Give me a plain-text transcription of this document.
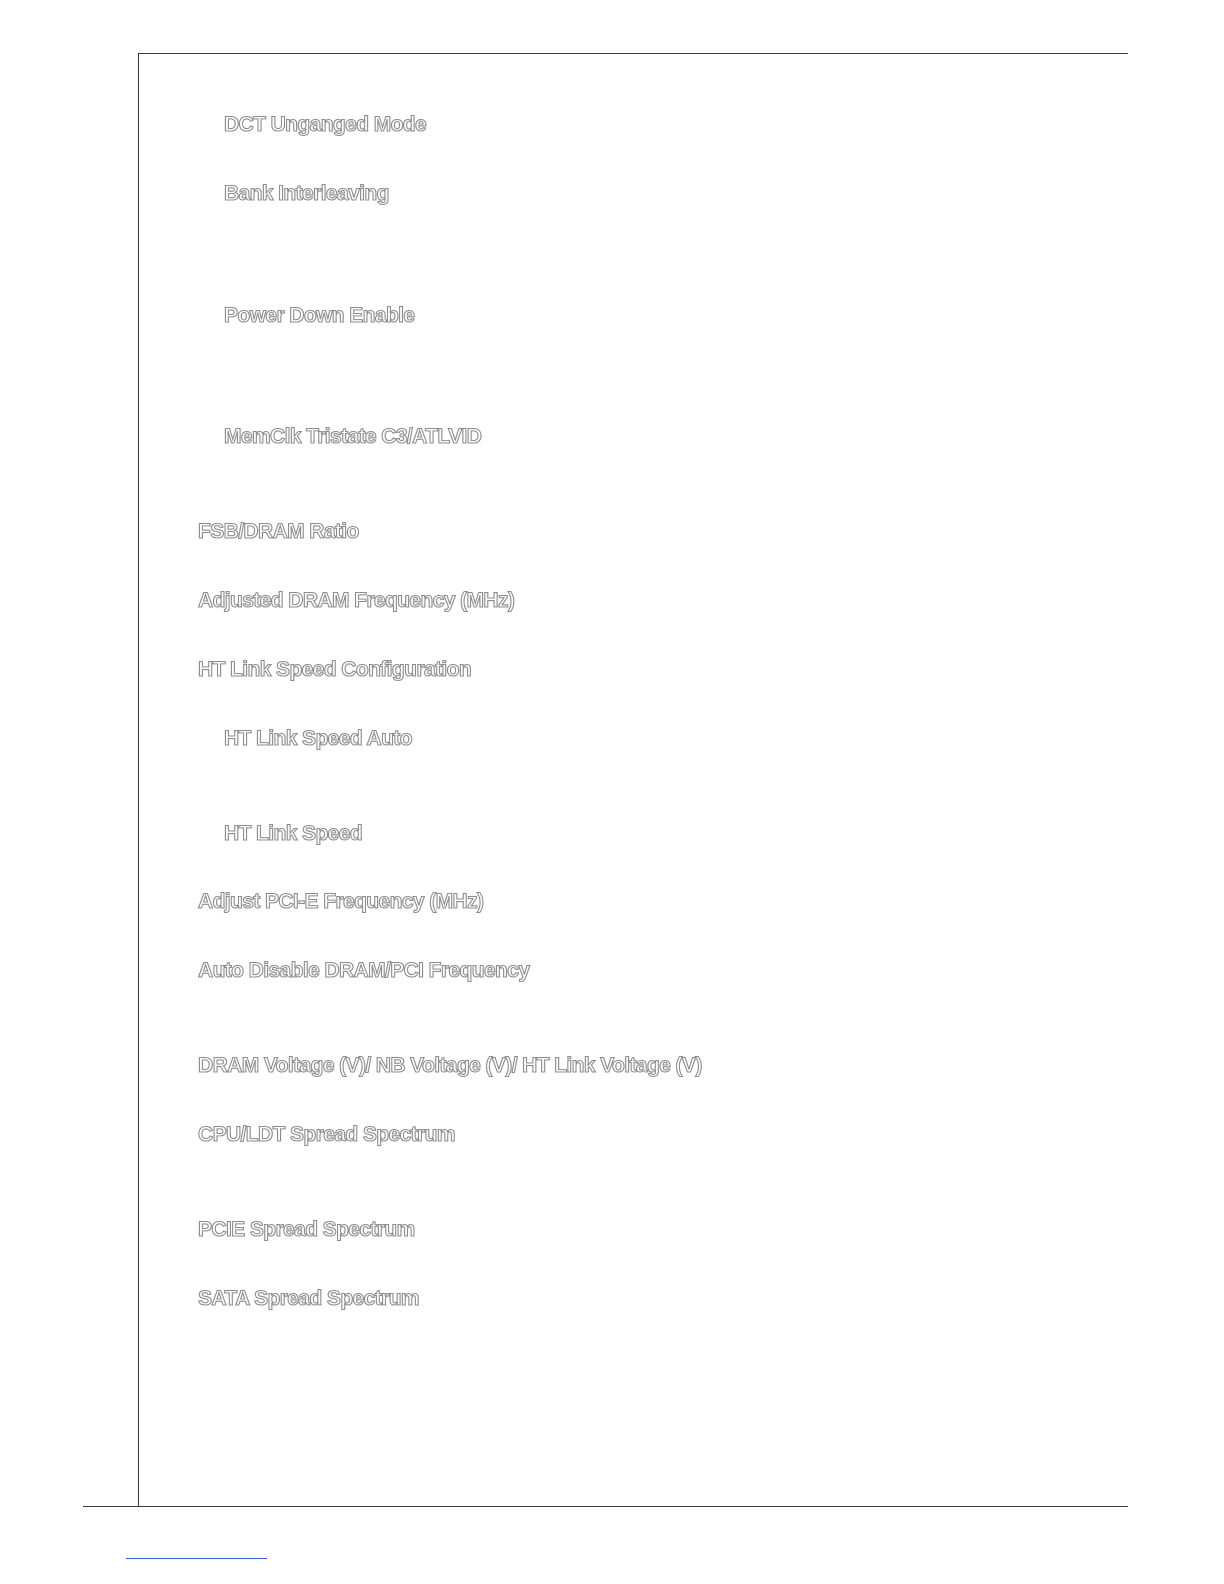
DCT Unganged Mode
Bank Interleaving
Power Down Enable
MemClk Tristate C3/ATLVID
FSB/DRAM Ratio
Adjusted DRAM Frequency (MHz)
HT Link Speed Configuration
HT Link Speed Auto
HT Link Speed
Adjust PCI-E Frequency (MHz)
Auto Disable DRAM/PCI Frequency
DRAM Voltage (V)/ NB Voltage (V)/ HT Link Voltage (V)
CPU/LDT Spread Spectrum
PCIE Spread Spectrum
SATA Spread Spectrum
